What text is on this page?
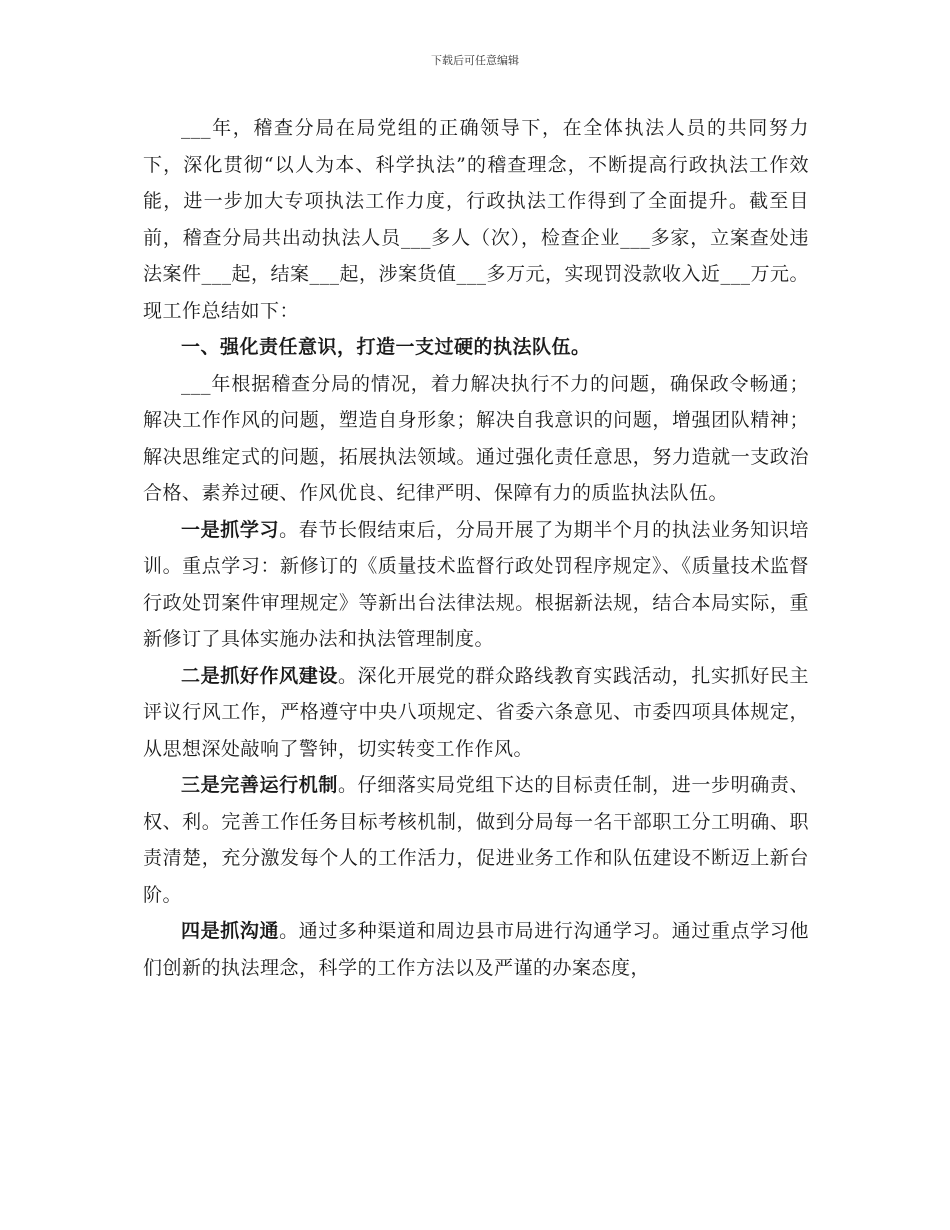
下载后可任意编辑

___年，稽查分局在局党组的正确领导下，在全体执法人员的共同努力下，深化贯彻“以人为本、科学执法”的稽查理念，不断提高行政执法工作效能，进一步加大专项执法工作力度，行政执法工作得到了全面提升。截至目前，稽查分局共出动执法人员___多人（次），检查企业___多家，立案查处违法案件___起，结案___起，涉案货值___多万元，实现罚没款收入近___万元。现工作总结如下：

一、强化责任意识，打造一支过硬的执法队伍。

___年根据稽查分局的情况，着力解决执行不力的问题，确保政令畅通；解决工作作风的问题，塑造自身形象；解决自我意识的问题，增强团队精神；解决思维定式的问题，拓展执法领域。通过强化责任意思，努力造就一支政治合格、素养过硬、作风优良、纪律严明、保障有力的质监执法队伍。

一是抓学习。春节长假结束后，分局开展了为期半个月的执法业务知识培训。重点学习：新修订的《质量技术监督行政处罚程序规定》、《质量技术监督行政处罚案件审理规定》等新出台法律法规。根据新法规，结合本局实际，重新修订了具体实施办法和执法管理制度。

二是抓好作风建设。深化开展党的群众路线教育实践活动，扎实抓好民主评议行风工作，严格遵守中央八项规定、省委六条意见、市委四项具体规定，从思想深处敲响了警钟，切实转变工作作风。

三是完善运行机制。仔细落实局党组下达的目标责任制，进一步明确责、权、利。完善工作任务目标考核机制，做到分局每一名干部职工分工明确、职责清楚，充分激发每个人的工作活力，促进业务工作和队伍建设不断迈上新台阶。

四是抓沟通。通过多种渠道和周边县市局进行沟通学习。通过重点学习他们创新的执法理念，科学的工作方法以及严谨的办案态度，
